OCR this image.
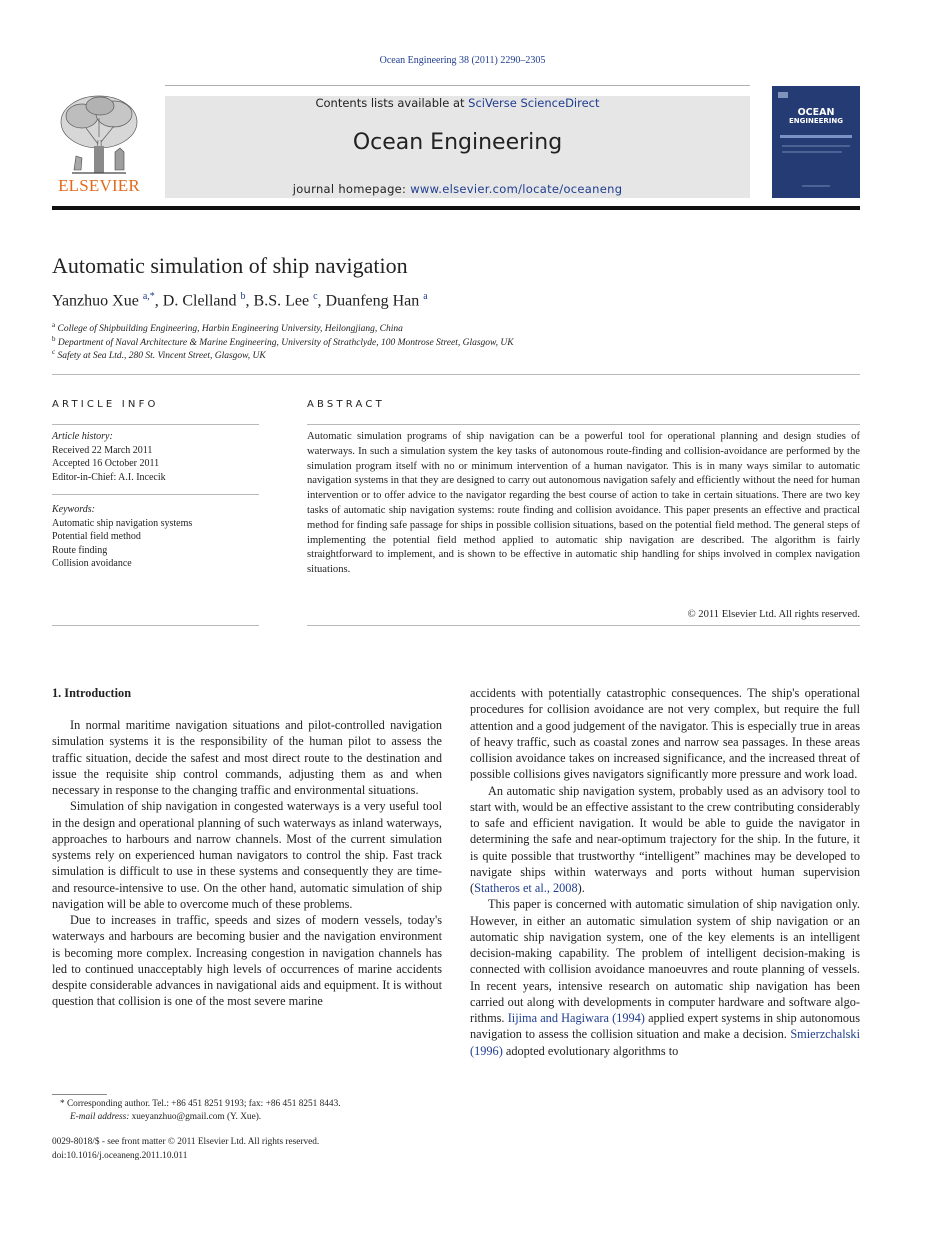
Ocean Engineering 38 (2011) 2290–2305
ELSEVIER
Contents lists available at SciVerse ScienceDirect
Ocean Engineering
journal homepage: www.elsevier.com/locate/oceaneng
OCEAN
ENGINEERING
Automatic simulation of ship navigation
Yanzhuo Xue $^{a,*}$, D. Clelland $^b$, B.S. Lee $^c$, Duanfeng Han $^a$
$^a$ College of Shipbuilding Engineering, Harbin Engineering University, Heilongjiang, China
$^b$ Department of Naval Architecture & Marine Engineering, University of Strathclyde, 100 Montrose Street, Glasgow, UK
$^c$ Safety at Sea Ltd., 280 St. Vincent Street, Glasgow, UK
ARTICLE INFO
Article history:
Received 22 March 2011
Accepted 16 October 2011
Editor-in-Chief: A.I. Incecik
Keywords:
Automatic ship navigation systems
Potential field method
Route finding
Collision avoidance
ABSTRACT
Automatic simulation programs of ship navigation can be a powerful tool for operational planning and design studies of waterways. In such a simulation system the key tasks of autonomous route-finding and collision-avoidance are performed by the simulation program itself with no or minimum intervention of a human navigator. This is in many ways similar to automatic navigation systems in that they are designed to carry out autonomous navigation safely and efficiently without the need for human intervention or to offer advice to the navigator regarding the best course of action to take in certain situations. There are two key tasks of automatic ship navigation systems: route finding and collision avoidance. This paper presents an effective and practical method for finding safe passage for ships in possible collision situations, based on the potential field method. The general steps of implementing the potential field method applied to automatic ship navigation are described. The algorithm is fairly straightforward to implement, and is shown to be effective in automatic ship handling for ships involved in complex navigation situations.
© 2011 Elsevier Ltd. All rights reserved.
1. Introduction

In normal maritime navigation situations and pilot-controlled navigation simulation systems it is the responsibility of the human pilot to assess the traffic situation, decide the safest and most direct route to the destination and issue the requisite ship control commands, adjusting them as and when necessary in response to the changing traffic and environmental situations.

Simulation of ship navigation in congested waterways is a very useful tool in the design and operational planning of such waterways as inland waterways, approaches to harbours and narrow channels. Most of the current simulation systems rely on experienced human navigators to control the ship. Fast track simulation is difficult to use in these systems and consequently they are time- and resource-intensive to use. On the other hand, automatic simulation of ship navigation will be able to overcome much of these problems.

Due to increases in traffic, speeds and sizes of modern vessels, today's waterways and harbours are becoming busier and the navigation environment is becoming more complex. Increasing congestion in navigation channels has led to continued unacceptably high levels of occurrences of marine accidents despite considerable advances in navigational aids and equipment. It is without question that collision is one of the most severe marine

accidents with potentially catastrophic consequences. The ship's operational procedures for collision avoidance are not very complex, but require the full attention and a good judgement of the navigator. This is especially true in areas of heavy traffic, such as coastal zones and narrow sea passages. In these areas collision avoidance takes on increased significance, and the increased threat of possible collisions gives navigators significantly more pressure and work load.

An automatic ship navigation system, probably used as an advisory tool to start with, would be an effective assistant to the crew contributing considerably to safe and efficient navigation. It would be able to guide the navigator in determining the safe and near-optimum trajectory for the ship. In the future, it is quite possible that trustworthy “intelligent” machines may be developed to navigate ships within waterways and ports without human supervision (Statheros et al., 2008).

This paper is concerned with automatic simulation of ship navigation only. However, in either an automatic simulation system of ship navigation or an automatic ship navigation system, one of the key elements is an intelligent decision-making capability. The problem of intelligent decision-making is connected with collision avoidance manoeuvres and route planning of vessels. In recent years, intensive research on automatic ship navigation has been carried out along with developments in computer hardware and software algorithms. Iijima and Hagiwara (1994) applied expert systems in ship autonomous navigation to assess the collision situation and make a decision. Smierzchalski (1996) adopted evolutionary algorithms to

* Corresponding author. Tel.: +86 451 8251 9193; fax: +86 451 8251 8443.
E-mail address: xueyanzhuo@gmail.com (Y. Xue).
0029-8018/$ - see front matter © 2011 Elsevier Ltd. All rights reserved.
doi:10.1016/j.oceaneng.2011.10.011
